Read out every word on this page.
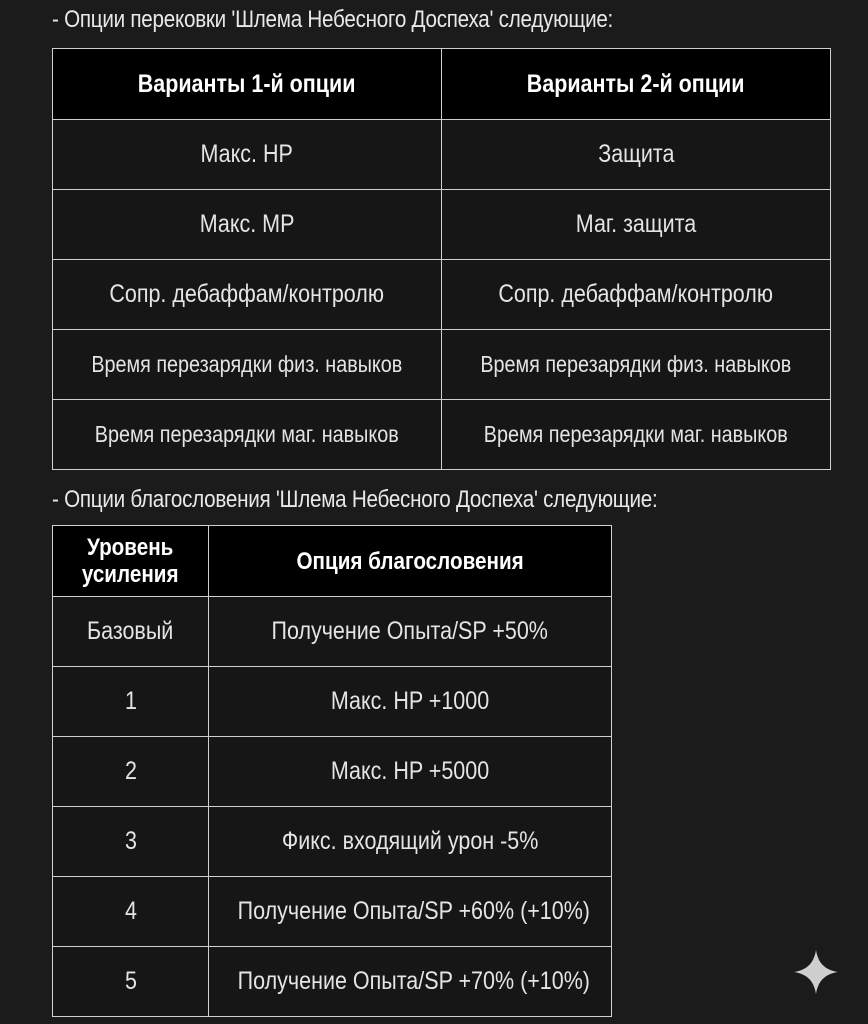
- Опции перековки 'Шлема Небесного Доспеха' следующие:
Варианты 1-й опции	Варианты 2-й опции
Макс. HP	Защита
Макс. MP	Маг. защита
Сопр. дебаффам/контролю	Сопр. дебаффам/контролю
Время перезарядки физ. навыков	Время перезарядки физ. навыков
Время перезарядки маг. навыков	Время перезарядки маг. навыков
- Опции благословения 'Шлема Небесного Доспеха' следующие:
Уровень
усиления	Опция благословения
Базовый	Получение Опыта/SP +50%
1	Макс. HP +1000
2	Макс. HP +5000
3	Фикс. входящий урон -5%
4	Получение Опыта/SP +60% (+10%)
5	Получение Опыта/SP +70% (+10%)
